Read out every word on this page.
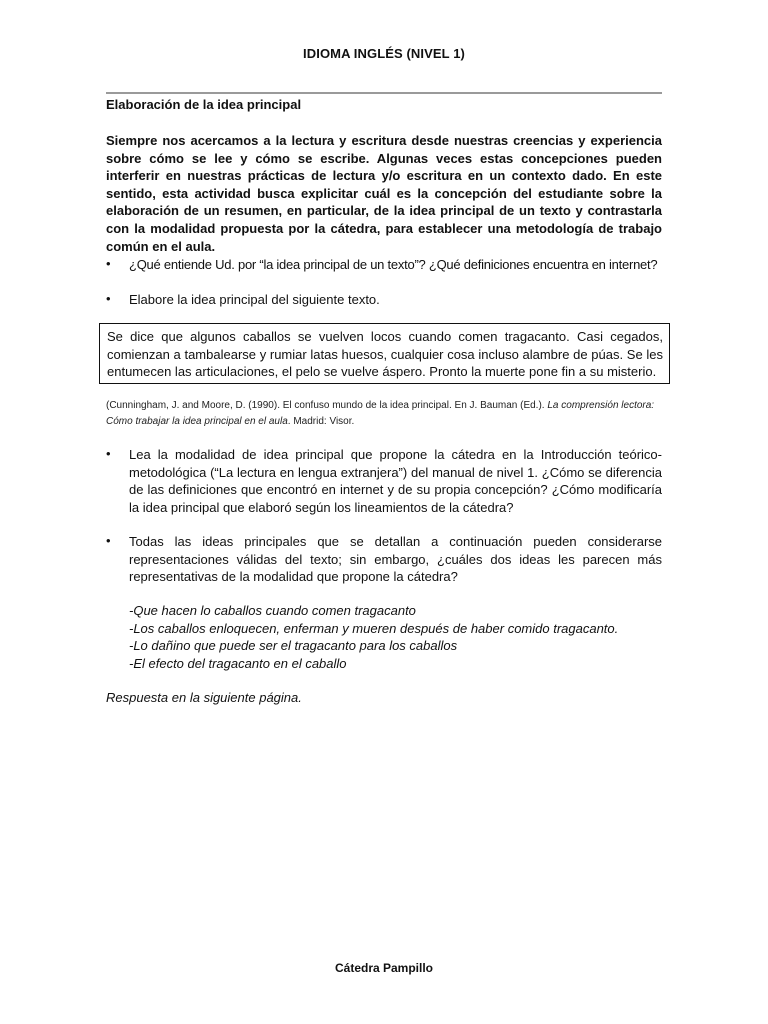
IDIOMA INGLÉS (NIVEL 1)
Elaboración de la idea principal
Siempre nos acercamos a la lectura y escritura desde nuestras creencias y experiencia sobre cómo se lee y cómo se escribe. Algunas veces estas concepciones pueden interferir en nuestras prácticas de lectura y/o escritura en un contexto dado. En este sentido, esta actividad busca explicitar cuál es la concepción del estudiante sobre la elaboración de un resumen, en particular, de la idea principal de un texto y contrastarla con la modalidad propuesta por la cátedra, para establecer una metodología de trabajo común en el aula.
•	¿Qué entiende Ud. por “la idea principal de un texto”? ¿Qué definiciones encuentra en internet?
•	Elabore la idea principal del siguiente texto.
Se dice que algunos caballos se vuelven locos cuando comen tragacanto. Casi cegados, comienzan a tambalearse y rumiar latas huesos, cualquier cosa incluso alambre de púas. Se les entumecen las articulaciones, el pelo se vuelve áspero. Pronto la muerte pone fin a su misterio.
(Cunningham, J. and Moore, D. (1990). El confuso mundo de la idea principal. En J. Bauman (Ed.). La comprensión lectora: Cómo trabajar la idea principal en el aula. Madrid: Visor.
•	Lea la modalidad de idea principal que propone la cátedra en la Introducción teórico-metodológica (“La lectura en lengua extranjera”) del manual de nivel 1. ¿Cómo se diferencia de las definiciones que encontró en internet y de su propia concepción? ¿Cómo modificaría la idea principal que elaboró según los lineamientos de la cátedra?
•	Todas las ideas principales que se detallan a continuación pueden considerarse representaciones válidas del texto; sin embargo, ¿cuáles dos ideas les parecen más representativas de la modalidad que propone la cátedra?
-Que hacen lo caballos cuando comen tragacanto
-Los caballos enloquecen, enferman y mueren después de haber comido tragacanto.
-Lo dañino que puede ser el tragacanto para los caballos
-El efecto del tragacanto en el caballo
Respuesta en la siguiente página.
Cátedra Pampillo
